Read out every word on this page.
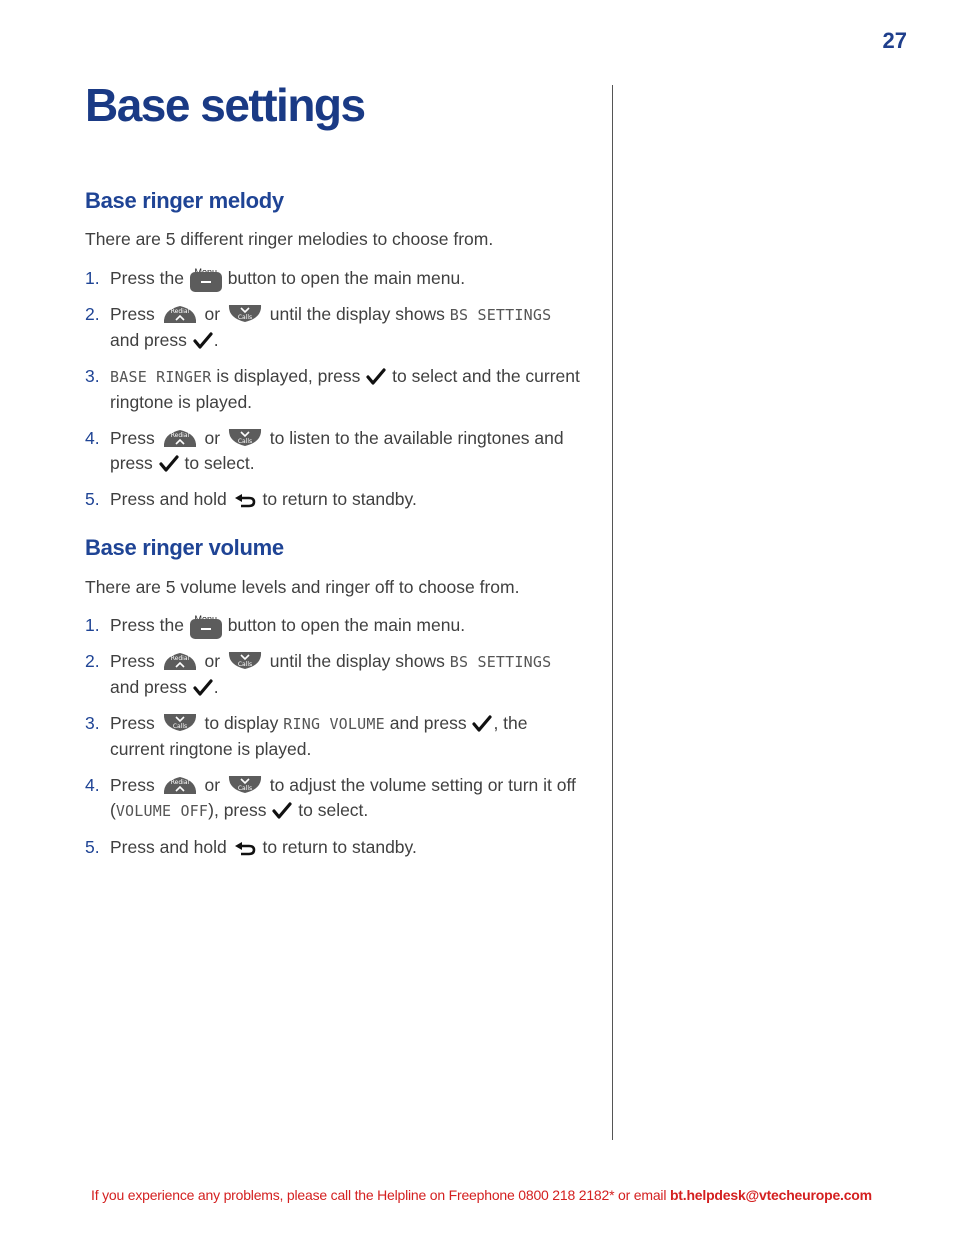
27
Base settings
Base ringer melody
There are 5 different ringer melodies to choose from.
1. Press the	button to open the main menu.
2. Press	Redial or	Calls until the display shows BS SETTINGS and press .
3. BASE RINGER is displayed, press to select and the current ringtone is played.
4. Press	Redial or	Calls to listen to the available ringtones and press to select.
5. Press and hold to return to standby.
Base ringer volume
There are 5 volume levels and ringer off to choose from.
1. Press the	button to open the main menu.
2. Press	Redial or	Calls until the display shows BS SETTINGS
and press .
3. Press	Calls to display RING VOLUME and press , the current ringtone is played.
4. Press	Redial or	Calls to adjust the volume setting or turn it off (VOLUME OFF), press to select.
5. Press and hold to return to standby.
If you experience any problems, please call the Helpline on Freephone 0800 218 2182* or email bt.helpdesk@vtecheurope.com
